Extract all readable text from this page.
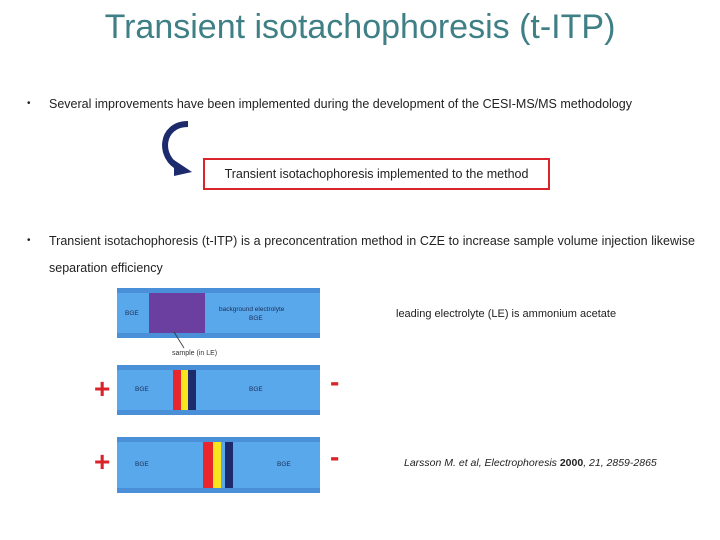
Transient isotachophoresis (t-ITP)
• Several improvements have been implemented during the development of the CESI-MS/MS methodology
Transient isotachophoresis implemented to the method
• Transient isotachophoresis (t-ITP) is a preconcentration method in CZE to increase sample volume injection likewise separation efficiency
BGE
background electrolyte
BGE
sample (in LE)
leading electrolyte (LE) is ammonium acetate
+	BGE	BGE -
+	BGE	BGE -	Larsson M. et al, Electrophoresis 2000, 21, 2859-2865
